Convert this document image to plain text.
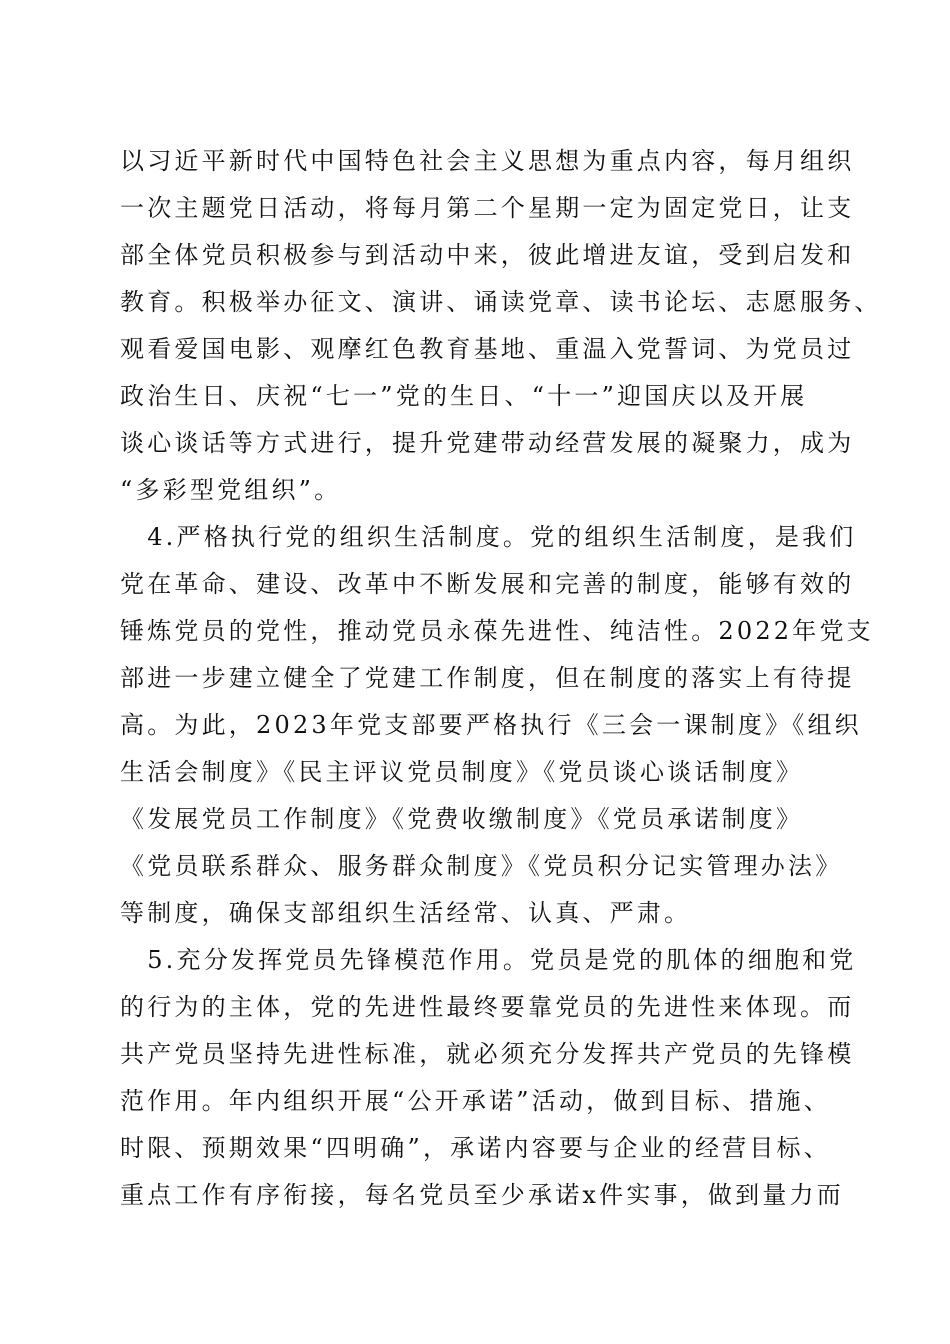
以习近平新时代中国特色社会主义思想为重点内容，每月组织
一次主题党日活动，将每月第二个星期一定为固定党日，让支
部全体党员积极参与到活动中来，彼此增进友谊，受到启发和
教育。积极举办征文、演讲、诵读党章、读书论坛、志愿服务、
观看爱国电影、观摩红色教育基地、重温入党誓词、为党员过
政治生日、庆祝“七一”党的生日、“十一”迎国庆以及开展
谈心谈话等方式进行，提升党建带动经营发展的凝聚力，成为
“多彩型党组织”。
　4.严格执行党的组织生活制度。党的组织生活制度，是我们
党在革命、建设、改革中不断发展和完善的制度，能够有效的
锤炼党员的党性，推动党员永葆先进性、纯洁性。2022年党支
部进一步建立健全了党建工作制度，但在制度的落实上有待提
高。为此，2023年党支部要严格执行《三会一课制度》《组织
生活会制度》《民主评议党员制度》《党员谈心谈话制度》
《发展党员工作制度》《党费收缴制度》《党员承诺制度》
《党员联系群众、服务群众制度》《党员积分记实管理办法》
等制度，确保支部组织生活经常、认真、严肃。
　5.充分发挥党员先锋模范作用。党员是党的肌体的细胞和党
的行为的主体，党的先进性最终要靠党员的先进性来体现。而
共产党员坚持先进性标准，就必须充分发挥共产党员的先锋模
范作用。年内组织开展“公开承诺”活动，做到目标、措施、
时限、预期效果“四明确”，承诺内容要与企业的经营目标、
重点工作有序衔接，每名党员至少承诺x件实事，做到量力而
